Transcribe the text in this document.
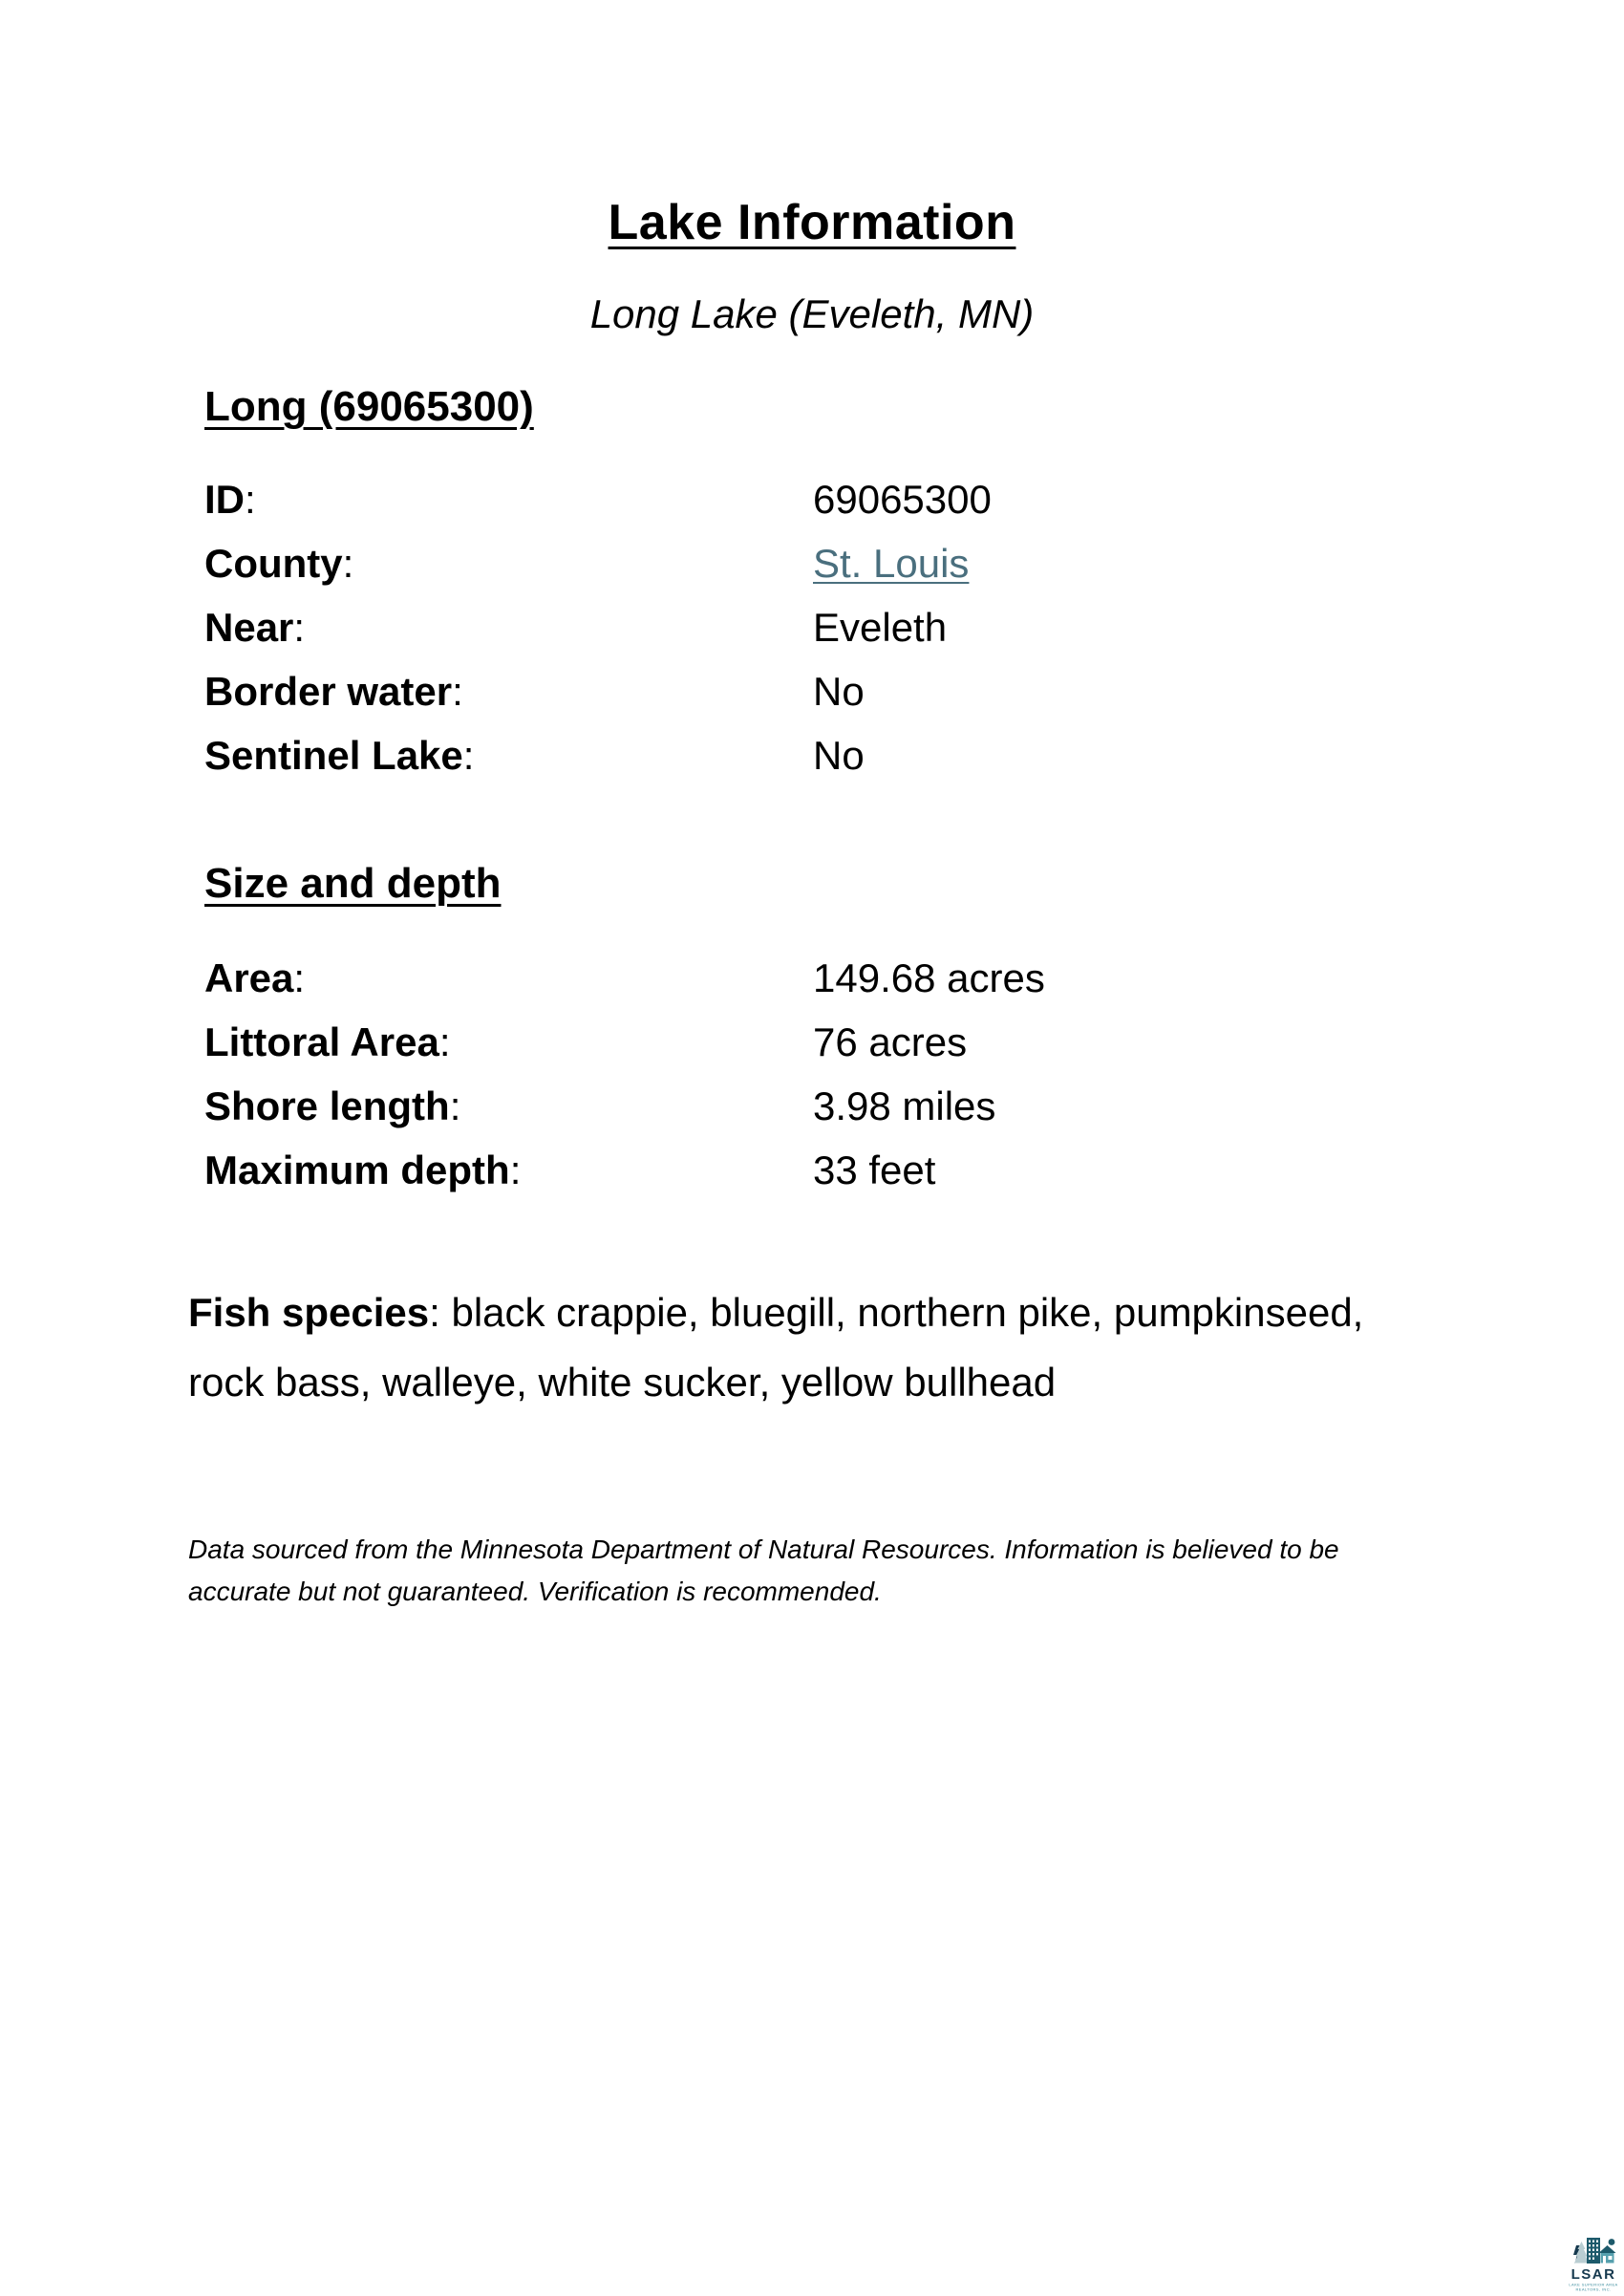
Lake Information

Long Lake (Eveleth, MN)

Long (69065300)
ID:	69065300
County:	St. Louis
Near:	Eveleth
Border water:	No
Sentinel Lake:	No
Size and depth
Area:	149.68 acres
Littoral Area:	76 acres
Shore length:	3.98 miles
Maximum depth:	33 feet

Fish species: black crappie, bluegill, northern pike, pumpkinseed, rock bass, walleye, white sucker, yellow bullhead

Data sourced from the Minnesota Department of Natural Resources. Information is believed to be accurate but not guaranteed. Verification is recommended.

LSAR
LAKE SUPERIOR AREA
REALTORS, INC.
